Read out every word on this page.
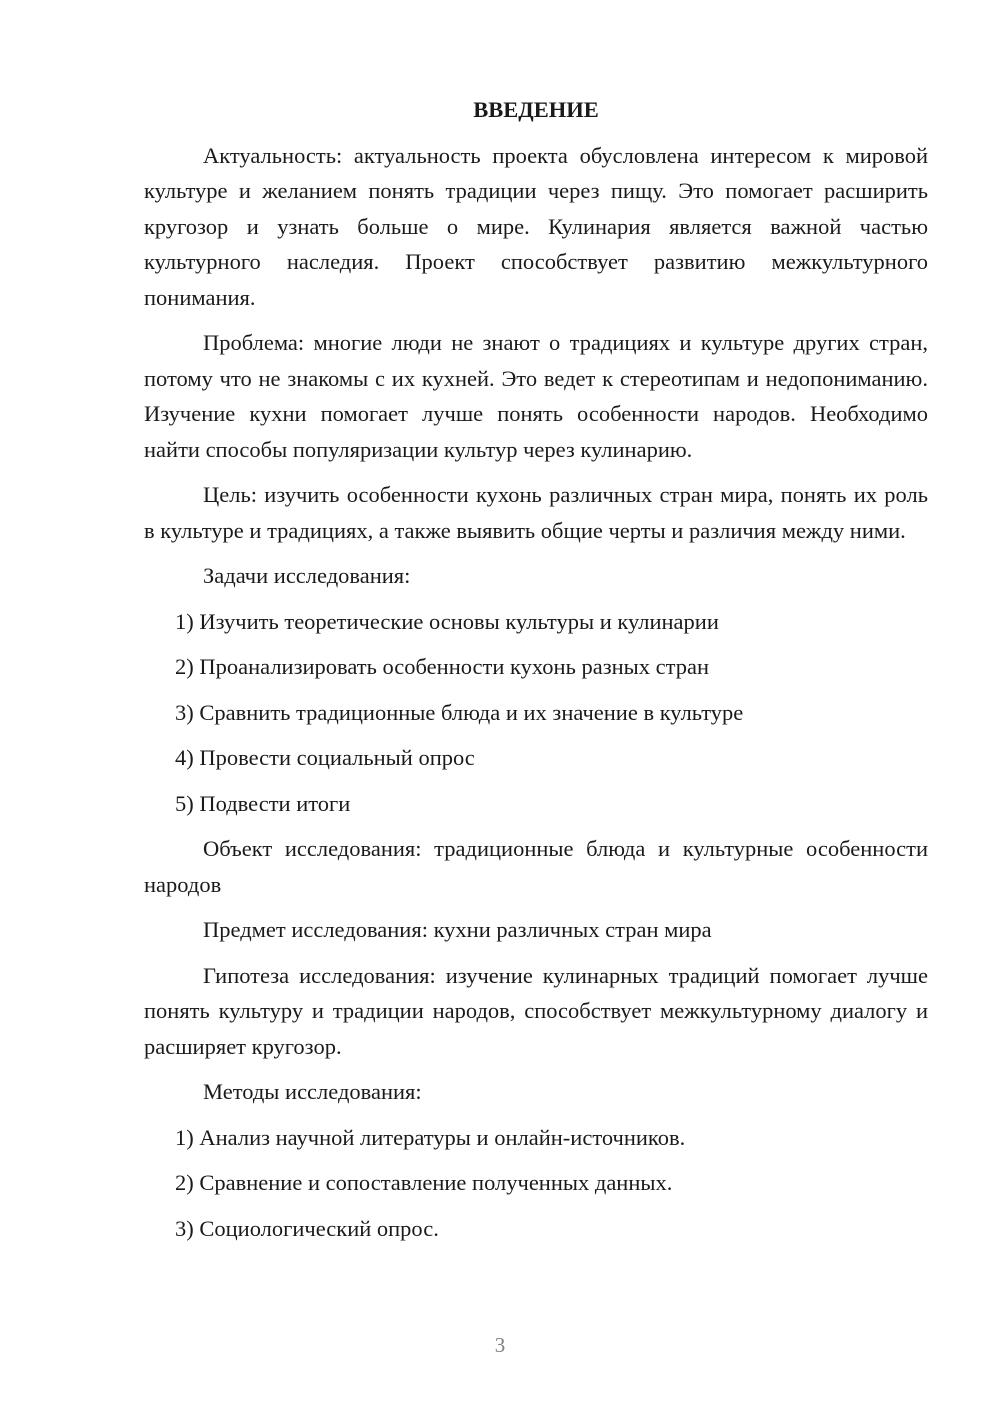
ВВЕДЕНИЕ

Актуальность: актуальность проекта обусловлена интересом к мировой культуре и желанием понять традиции через пищу. Это помогает расширить кругозор и узнать больше о мире. Кулинария является важной частью культурного наследия. Проект способствует развитию межкультурного понимания.

Проблема: многие люди не знают о традициях и культуре других стран, потому что не знакомы с их кухней. Это ведет к стереотипам и недопониманию. Изучение кухни помогает лучше понять особенности народов. Необходимо найти способы популяризации культур через кулинарию.

Цель: изучить особенности кухонь различных стран мира, понять их роль в культуре и традициях, а также выявить общие черты и различия между ними.

Задачи исследования:
1) Изучить теоретические основы культуры и кулинарии
2) Проанализировать особенности кухонь разных стран
3) Сравнить традиционные блюда и их значение в культуре
4) Провести социальный опрос
5) Подвести итоги

Объект исследования: традиционные блюда и культурные особенности народов

Предмет исследования: кухни различных стран мира

Гипотеза исследования: изучение кулинарных традиций помогает лучше понять культуру и традиции народов, способствует межкультурному диалогу и расширяет кругозор.

Методы исследования:
1) Анализ научной литературы и онлайн-источников.
2) Сравнение и сопоставление полученных данных.
3) Социологический опрос.
3
